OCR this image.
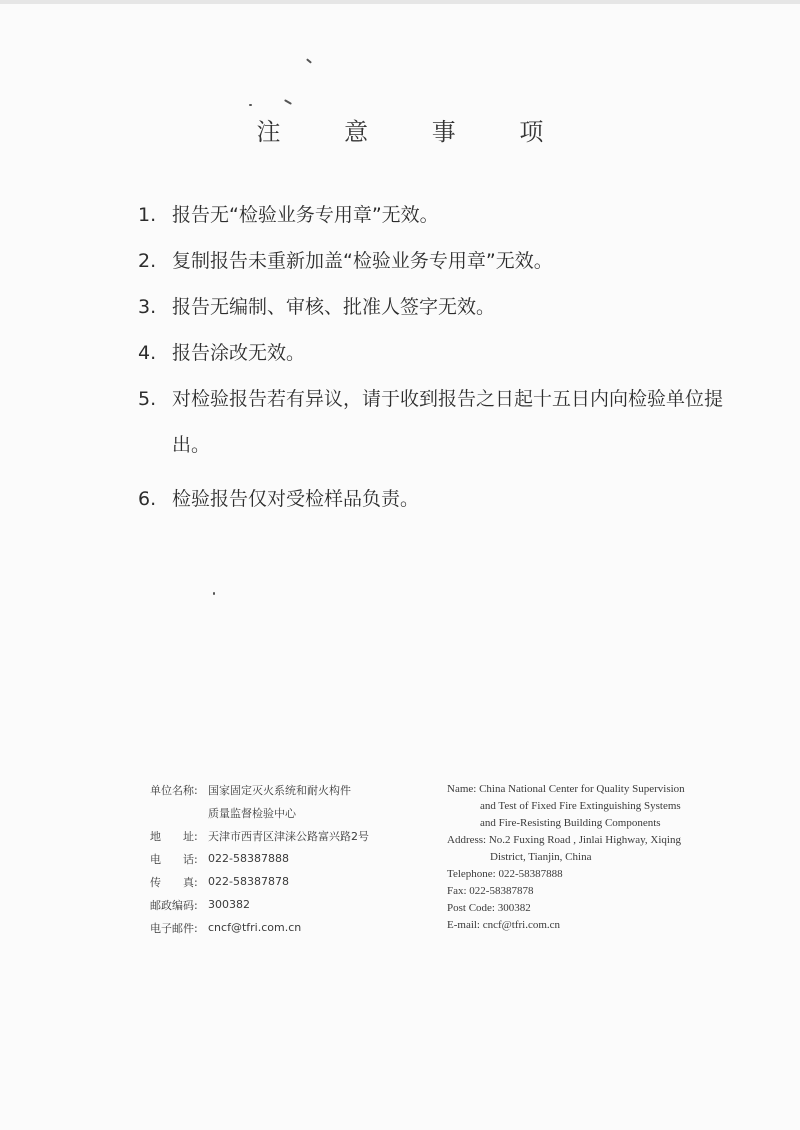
注 意 事 项
1. 报告无“检验业务专用章”无效。
2. 复制报告未重新加盖“检验业务专用章”无效。
3. 报告无编制、审核、批准人签字无效。
4. 报告涂改无效。
5. 对检验报告若有异议，请于收到报告之日起十五日内向检验单位提出。
6. 检验报告仅对受检样品负责。
单位名称: 国家固定灭火系统和耐火构件
质量监督检验中心
地　　址: 天津市西青区津涞公路富兴路2号
电　　话: 022-58387888
传　　真: 022-58387878
邮政编码: 300382
电子邮件: cncf@tfri.com.cn
Name: China National Center for Quality Supervision
and Test of Fixed Fire Extinguishing Systems
and Fire-Resisting Building Components
Address: No.2 Fuxing Road , Jinlai Highway, Xiqing
District, Tianjin, China
Telephone: 022-58387888
Fax: 022-58387878
Post Code: 300382
E-mail: cncf@tfri.com.cn
